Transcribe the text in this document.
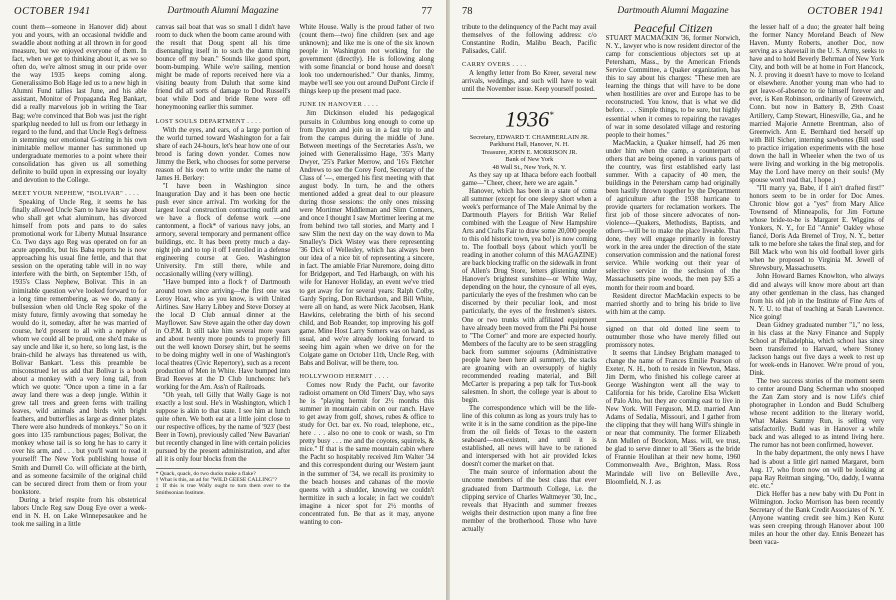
OCTOBER 1941	Dartmouth Alumni Magazine	77

count them—someone in Hanover did) about you and yours, with an occasional twiddle and swaddle about nothing at all thrown in for good measure, but we enjoyed everyone of them. In fact, when we get to thinking about it, as we so often do, we're almost smug in our pride over the way 1935 keeps coming along. Generalissimo Bob Hage led us to a new high in Alumni Fund tallies last June, and his able assistant, Monitor of Propaganda Reg Bankart, did a really marvelous job in writing the Tear Bag; we're convinced that Bob was just the right sparkplug needed to lull us from our lethargy in regard to the fund, and that Uncle Reg's deftness in stemming our emotional G-string in his own inimitable mellow manner has summoned up undergraduate memories to a point where their consolidation has given us all something definite to build upon in expressing our loyalty and devotion to the College.

MEET YOUR NEPHEW, "BOLIVAR" . . . .

Speaking of Uncle Reg, it seems he has finally allowed Uncle Sam to have his say about who shall get what aluminum, has divorced himself from pots and pans to do sales promotional work for Liberty Mutual Insurance Co. Two days ago Reg was operated on for an acute appendix, but his Baba reports he is now approaching his usual fine fettle, and that that session on the operating table will in no way interfere with the birth, on September 15th, of 1935's Class Nephew, Bolivar. This in an inimitable question we've looked forward to for a long time remembering, as we do, many a bullsession when old Uncle Reg spoke of the misty future, firmly avowing that someday he would do it, someday, after he was married of course, he'd present to all with a nephew of whom we could all be proud, one she'd make us say uncle and like it, so here, so long last, is the brain-child he always has threatened us with, Bolivar Bankart. 'Less this preamble be misconstrued let us add that Bolivar is a book about a monkey with a very long tail, from which we quote: "Once upon a time in a far away land there was a deep jungle. Within it grew tall trees and green ferns with trailing leaves, wild animals and birds with bright feathers, and butterflies as large as dinner plates. There were also hundreds of monkeys." So on it goes into 135 rambunctious pages; Bolivar, the monkey whose tail is so long he has to carry it over his arm, and . . . but you'll want to read it yourself! The New York publishing house of Smith and Durrell Co. will officiate at the birth, and as someone facsimile of the original child can be secured direct from them or from your bookstore.

During a brief respite from his obstetrical labors Uncle Reg saw Doug Eye over a week-end in N. H. on Lake Winnepesaukee and he took me sailing in a little

canvas sail boat that was so small I didn't have room to duck when the boom came around with the result that Doug spent all his time disentangling itself in to such the damn thing bounce off my bean." Sounds like good sport, boom-bumping. While we're sailing, mention might be made of reports received here via a visiting beauty from Duluth that some kind friend did all sorts of damage to Dod Russell's boat while Dod and bride Rene were off honeymooning earlier this summer.

LOST SOULS DEPARTMENT . . . .

With the eyes, and ears, of a large portion of the world turned toward Washington for a fair share of each 24-hours, let's hear how one of our brood is faring down yonder. Comes now Jimmy the Berk, who chooses for some perverse reason of his own to write under the name of James H. Berkey:

"I have been in Washington since Inauguration Day and it has been one hectic push ever since arrival. I'm working for the largest local construction contracting outfit and we have a flock of defense work —one cantonment, a flock* of various navy jobs, an armory, several temporary and permanent office buildings, etc. It has been pretty much a day-night job and to top it off I enrolled in a defense engineering course at Geo. Washington University. I'm still there, while and occasionally willing (very willing).

"Have bumped into a flock† of Dartmouth around town since arriving—the first one was Leroy Hoar, who as you know, is with United Airlines. Saw Harry Libbey and Steve Dorsey at the local D Club annual dinner at the Mayflower. Saw Steve again the other day down in O.P.M. It still take him several more years and about twenty more pounds to properly fill out the well known Dorsey shirt, but he seems to be doing mighty well in one of Washington's local theatres (Civic Repertory), such as a recent production of Men in White. Have bumped into Brad Reeves at the D Club luncheons: he's working for the Am. Ass'n of Railroads.

"Oh yeah, tell Gilly that Wally Gage is not exactly a lost soul. He's in Washington, which I suppose is akin to that state. I see him at lunch quite often. We both eat at a little joint close to our respective offices, by the name of '923' (best Beer in Town), previously called 'New Bavarian' but recently changed in line with certain policies pursued by the present administration, and after all it is only four blocks from the

* Quack, quack, do two ducks make a flake?
† What is this, an ad for "WILD GEESE CALLING"?
‡ If this is true Wally ought to turn them over to the Smithsonian Institute.

White House. Wally is the proud father of two (count them—two) fine children (sex and age unknown); and like me is one of the six known people in Washington not working for the government (directly). He is following along with some financial or bond house and doesn't look too undernourished." Our thanks, Jimmy, maybe we'll see you out around DuPont Circle if things keep up the present mad pace.

JUNE IN HANOVER . . . .

Jim Dickinson eluded his pedagogical pursuits in Columbus long enough to come up from Dayton and join us in a fast trip to and from the campus during the middle of June. Between meetings of the Secretaries Ass'n, we joined with Generalissimo Hage, '35's Marty Dwyer, '25's Parker Merrow, and '16's Fletcher Andrews to see the Corey Ford, Secretary of the Class of '—, emerged his first meeting with that august body. In turn, he and the others mentioned added a great deal to our pleasure during those sessions: the only ones missing were Mortimer Middleman and Slim Conners, and once I thought I saw Mortimer leering at me from behind two tall stories, and Marty and I saw Slim the next day on the way down to Ma Smalley's Dick Wistey was there representing '36 Dick of Wellesley, which has always been our idea of a nice bit of representing a sincere, in fact. The amiable Friar Nuremore, doing ditto for Bridgeport, and Ted Harbaugh, on with his wife for Hanover Holiday, an event we've tried to get away for for several years: Ralph Colby, Gardy Spring, Don Richardson, and Bill White, were all on hand, as were Nick Jacobsen, Hank Hawkins, celebrating the birth of his second child, and Bob Reander, top improving his golf game. Mine Host Larry Somers was on hand, as usual, and we're already looking forward to seeing him again when we drive on for the Colgate game on October 11th, Uncle Reg, with Babs and Bolivar, will be there, too.

HOLLYWOOD HERMIT . . . .

Comes now Rudy the Pacht, our favorite radioist ornament on Old Timers' Day, who says he is "playing hermit for 2½ months this summer in mountain cabin on our ranch. Have to get away from golf, shows, rubes & office to study for Oct. bar ex. No road, telephone, etc., here . . . also no one to cook or wash, so I'm pretty busy . . . me and the coyotes, squirrels, & mice." If that is the same mountain cabin where the Pacht so hospitably received Jim Walter '34 and this correspondent during our Western jaunt in the summer of '34, we recall its proximity to the beach houses and cabanas of the movie queens with a shudder, knowing we couldn't hermitize in such a locale; in fact we couldn't imagine a nicer spot for 2½ months of concentrated fun. Be that as it may, anyone wanting to con-

78	Dartmouth Alumni Magazine	OCTOBER 1941

tribute to the delinquency of the Pacht may avail themselves of the following address: c/o Constantine Rodin, Malibu Beach, Pacific Palisades, Calif.

CARRY OVERS . . . .

A lengthy letter from Bo Kreer, several new arrivals, weddings, and such will have to wait until the November issue. Keep yourself posted.

1936*

Secretary, EDWARD T. CHAMBERLAIN JR.

Parkhurst Hall, Hanover, N. H.

Treasurer, JOHN E. MORRISON JR.

Bank of New York

48 Wall St., New York, N. Y.

As they say up at Ithaca before each football game—"Cheer, cheer, here we are again."

Hanover, which has been in a state of coma all summer (except for one sleepy short when a week's performance of The Male Animal by the Dartmouth Players for British War Relief combined with the League of New Hampshire Arts and Crafts Fair to draw some 20,000 people to this old historic town, yea bo!) is now coming to. The football boys (about which you'll be reading in another column of this MAGAZINE) are back blocking traffic on the sidewalk in front of Allen's Drug Store, letters glistening under Hanover's brightest sunshine—or White Way, depending on the hour, the cynosure of all eyes, particularly the eyes of the freshmen who can be discerned by their peculiar look, and most particularly, the eyes of the freshmen's sisters. One or two trunks with affiliated equipment have already been moved from the Phi Psi house to "The Corner" and more are expected hourly. Members of the faculty are to be seen straggling back from summer sojourns (Administrative people have been here all summer), the stacks are groaning with an oversupply of highly recommended reading material, and Bill McCarter is preparing a pep talk for Tux-book salesmen. In short, the college year is about to begin.

The correspondence which will be the life-line of this column as long as yours truly has to write it is in the same condition as the pipe-line from the oil fields of Texas to the eastern seaboard—non-existent, and until it is established, all news will have to be rationed and interspersed with hot air provided Ickes doesn't corner the market on that.

The main source of information about the uncome members of the best class that ever graduated from Dartmouth College, i.e. the clipping service of Charles Waltmeyer '30, Inc., reveals that Hyacinth and summer freezes weighs their destruction upon many a fine free member of the brotherhood. Those who have actually

Peaceful Citizen

STUART MACMACKIN '36, former Norwich, N. Y., lawyer who is now resident director of the camp for conscientious objectors set up at Petersham, Mass., by the American Friends Service Committee, a Quaker organization, has this to say about his charges: "These men are learning the things that will have to be done when hostilities are over and Europe has to be reconstructed. You know, that is what we did before. . . . Simple things, to be sure, but highly essential when it comes to repairing the ravages of war in some desolated village and restoring people to their homes."

MacMackin, a Quaker himself, had 26 men under him when the camp, a counterpart of others that are being opened in various parts of the country, was first established early last summer. With a capacity of 40 men, the buildings in the Petersham camp had originally been hastily thrown together by the Department of agriculture after the 1938 hurricane to provide quarters for reclamation workers. The first job of those sincere advocates of non-violence—Quakers, Methodists, Baptists, and others—will be to make the place liveable. That done, they will engage primarily in forestry work in the area under the direction of the state conservation commission and the national forest service. While working out their year of selective service in the seclusion of the Massachusetts pine woods, the men pay $35 a month for their room and board.

Resident director MacMackin expects to be married shortly and to bring his bride to live with him at the camp.

signed on that old dotted line seem to outnumber those who have merely filled out promissory notes.

It seems that Lindsey Brigham managed to change the name of Frances Emilie Pearson of Exeter, N. H., both to reside in Newton, Mass. Jim Derm, who finished his college career at George Washington went all the way to California for his bride, Caroline Elsa Wickett of Palo Alto, but they are coming east to live in New York. Will Ferguson, M.D. married Ann Adams of Sedalia, Missouri, and I gather from the clipping that they will hang Will's shingle in or near that community. The former Elizabeth Ann Mullen of Brockton, Mass. will, we trust, be glad to serve dinner to all '36ers as the bride of Frannie Houlihan at their new home, 1960 Commonwealth Ave., Brighton, Mass. Ross Marindale will live on Belleville Ave., Bloomfield, N. J. as

the lesser half of a duo; the greater half being the former Nancy Moreland Beach of New Haven. Munty Roberts, another Doc, now serving as a shavetail in the U. S. Army, seeks to have and to hold Beverly Behrman of New York City, and both will be at home in Fort Hancock, N. J. proving it doesn't have to move to Iceland or elsewhere. Another young man who had to get leave-of-absence to tie himself forever and ever, is Ken Robinson, ordinarily of Greenwich, Conn. but now in Battery B, 29th Coast Artillery, Camp Stewart, Hinesville, Ga., and he married Majorie Annette Brentman, also of Greenwich. Ann E. Bernhard tied herself up with Bill Sicher, interning sawbones (Bill used to practice irrigation experiments with the hose down the hall in Wheeler when the two of us were living and working in the big metropolis. May the Lord have mercy on their souls! (My spouse won't read that, I hope.)

"I'll marry ya, Babe, if I ain't drafted first!" honors seem to be in order for Doc Ames. Chronic blow got a "yes" from Mary Alice Townsend of Minneapolis, for Jim Fortune whose bride-to-be is Margaret E. Wiggins of Yonkers, N. Y., for Ed "Annie" Oakley whose fiancé, Doris Ada Bremel of Troy, N. Y., better talk to me before she takes the final step, and for Bill Mack who won his old football lover girls when he proposed to Virginia M. Jewell of Shrewsbury, Massachusetts.

John Howard Barnes Knowlton, who always did and always will know more about art than any other gentleman in the class, has changed from his old job in the Institute of Fine Arts of N. Y. U. to that of teaching at Sarah Lawrence. Nice going!

Dean Gidney graduated number "1," no less, in his class at the Navy Finance and Supply School at Philadelphia, which school has since been transferred to Harvard, where Stoney Jackson hangs out five days a week to rest up for week-ends in Hanover. We're proud of you, Dink.

The two success stories of the moment seem to center around Dang Scherman who snooped the Zan Zam story and is now Life's chief photographer in London and Budd Schulberg whose recent addition to the literary world, What Makes Sammy Run, is selling very satisfactorily. Budd was in Hanover a while back and was alleged to as intend living here. The rumor has not been confirmed, however.

In the baby department, the only news I have had is about a little girl named Margaret, born Aug. 17, who from now on will be looking at papa Ray Reitman singing, "Oo, daddy, I wanna etc. etc."

Dick Heffer has a new baby with Du Pont in Wilmington. Jocko Morrison has been recently Secretary of the Bank Credit Associates of N. Y. (Anyone wanting credit see him.) Ken Kunz was seen creeping through Hanover about 100 miles an hour the other day. Ennis Benezet has been vaca-
